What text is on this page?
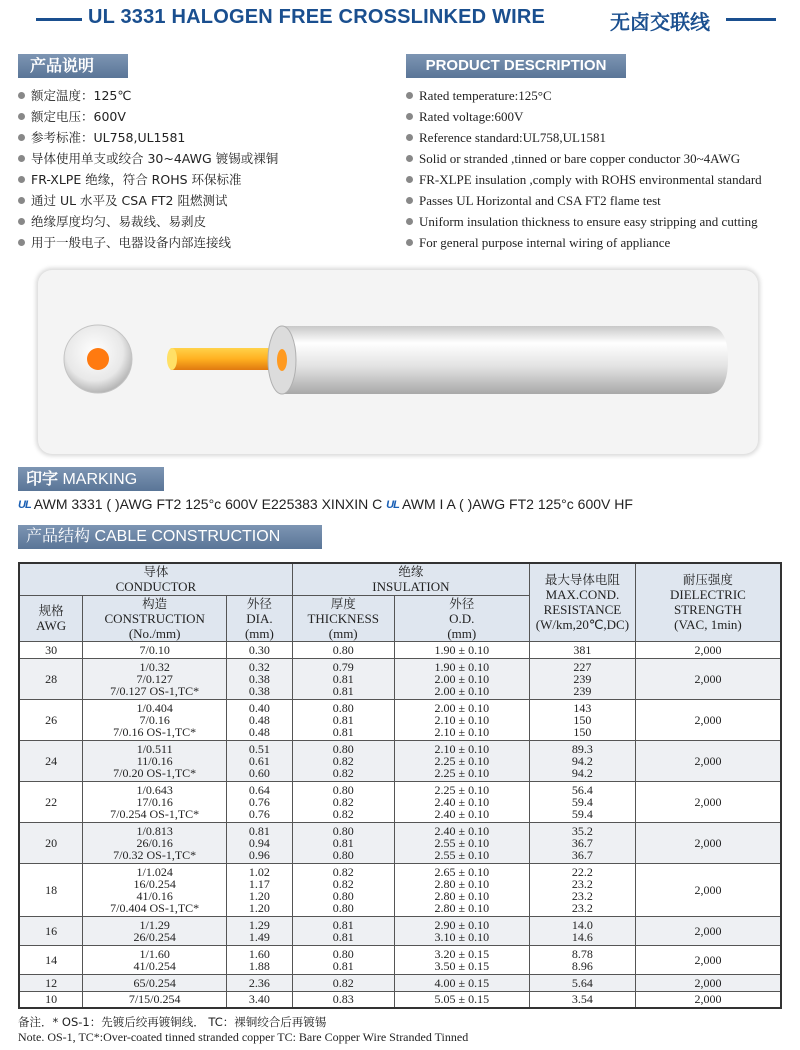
UL 3331 HALOGEN FREE CROSSLINKED WIRE	无卤交联线
产品说明	PRODUCT DESCRIPTION
额定温度：125℃
额定电压：600V
参考标准：UL758,UL1581
导体使用单支或绞合 30~4AWG 镀锡或裸铜
FR-XLPE 绝缘，符合 ROHS 环保标准
通过 UL 水平及 CSA FT2 阻燃测试
绝缘厚度均匀、易裁线、易剥皮
用于一般电子、电器设备内部连接线
Rated temperature:125°C
Rated voltage:600V
Reference standard:UL758,UL1581
Solid or stranded ,tinned or bare copper conductor 30~4AWG
FR-XLPE insulation ,comply with ROHS environmental standard
Passes UL Horizontal and CSA FT2 flame test
Uniform insulation thickness to ensure easy stripping and cutting
For general purpose internal wiring of appliance
印字 MARKING
UL AWM 3331 ( )AWG FT2 125°c 600V E225383 XINXIN C UL AWM I A ( )AWG FT2 125°c 600V HF
产品结构 CABLE CONSTRUCTION
导体
CONDUCTOR			绝缘
INSULATION		最大导体电阻
MAX.COND.
RESISTANCE
(W/km,20℃,DC)	耐压强度
DIELECTRIC
STRENGTH
(VAC, 1min)
规格
AWG	构造
CONSTRUCTION
(No./mm)	外径
DIA.
(mm)	厚度
THICKNESS
(mm)	外径
O.D.
(mm)		
30	7/0.10	0.30	0.80	1.90 ± 0.10	381	2,000
28	1/0.32
7/0.127
7/0.127 OS-1,TC*	0.32
0.38
0.38	0.79
0.81
0.81	1.90 ± 0.10
2.00 ± 0.10
2.00 ± 0.10	227
239
239	2,000
26	1/0.404
7/0.16
7/0.16 OS-1,TC*	0.40
0.48
0.48	0.80
0.81
0.81	2.00 ± 0.10
2.10 ± 0.10
2.10 ± 0.10	143
150
150	2,000
24	1/0.511
11/0.16
7/0.20 OS-1,TC*	0.51
0.61
0.60	0.80
0.82
0.82	2.10 ± 0.10
2.25 ± 0.10
2.25 ± 0.10	89.3
94.2
94.2	2,000
22	1/0.643
17/0.16
7/0.254 OS-1,TC*	0.64
0.76
0.76	0.80
0.82
0.82	2.25 ± 0.10
2.40 ± 0.10
2.40 ± 0.10	56.4
59.4
59.4	2,000
20	1/0.813
26/0.16
7/0.32 OS-1,TC*	0.81
0.94
0.96	0.80
0.81
0.80	2.40 ± 0.10
2.55 ± 0.10
2.55 ± 0.10	35.2
36.7
36.7	2,000
18	1/1.024
16/0.254
41/0.16
7/0.404 OS-1,TC*	1.02
1.17
1.20
1.20	0.82
0.82
0.80
0.80	2.65 ± 0.10
2.80 ± 0.10
2.80 ± 0.10
2.80 ± 0.10	22.2
23.2
23.2
23.2	2,000
16	1/1.29
26/0.254	1.29
1.49	0.81
0.81	2.90 ± 0.10
3.10 ± 0.10	14.0
14.6	2,000
14	1/1.60
41/0.254	1.60
1.88	0.80
0.81	3.20 ± 0.15
3.50 ± 0.15	8.78
8.96	2,000
12	65/0.254	2.36	0.82	4.00 ± 0.15	5.64	2,000
10	7/15/0.254	3.40	0.83	5.05 ± 0.15	3.54	2,000
备注．* OS-1：先镀后绞再镀铜线． TC：裸铜绞合后再镀锡
Note. OS-1, TC*:Over-coated tinned stranded copper TC: Bare Copper Wire Stranded Tinned
